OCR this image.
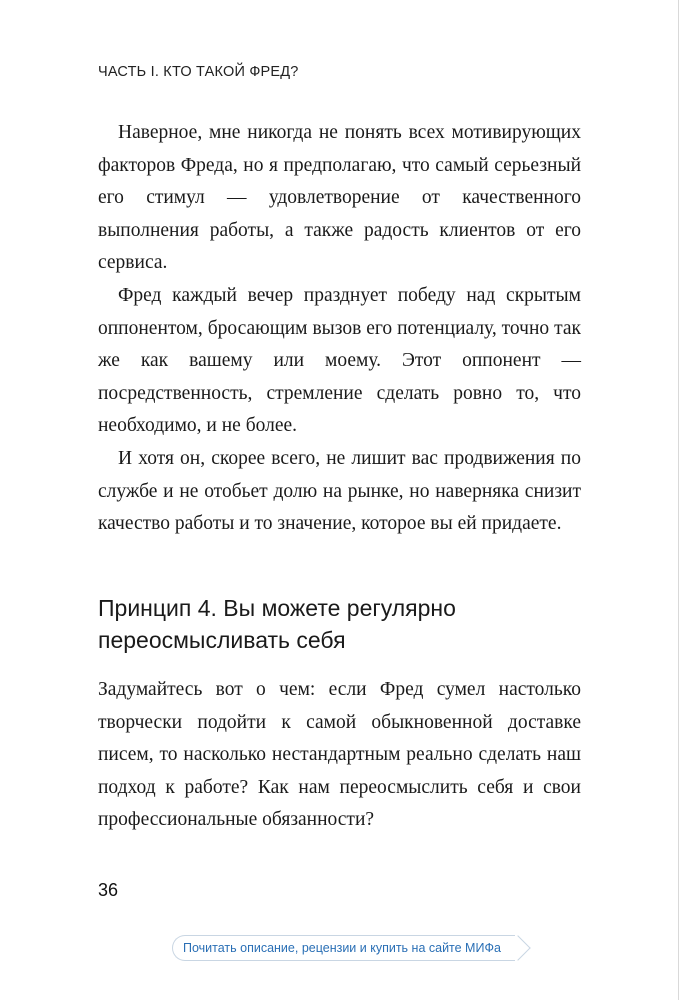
ЧАСТЬ I. КТО ТАКОЙ ФРЕД?

Наверное, мне никогда не понять всех мотивирующих факторов Фреда, но я предполагаю, что самый серьезный его стимул — удовлетворение от качественного выполнения работы, а также радость клиентов от его сервиса.

Фред каждый вечер празднует победу над скрытым оппонентом, бросающим вызов его потенциалу, точно так же как вашему или моему. Этот оппонент — посредственность, стремление сделать ровно то, что необходимо, и не более.

И хотя он, скорее всего, не лишит вас продвижения по службе и не отобьет долю на рынке, но наверняка снизит качество работы и то значение, которое вы ей придаете.

Принцип 4. Вы можете регулярно переосмысливать себя

Задумайтесь вот о чем: если Фред сумел настолько творчески подойти к самой обыкновенной доставке писем, то насколько нестандартным реально сделать наш подход к работе? Как нам переосмыслить себя и свои профессиональные обязанности?

36
Почитать описание, рецензии и купить на сайте МИФа
